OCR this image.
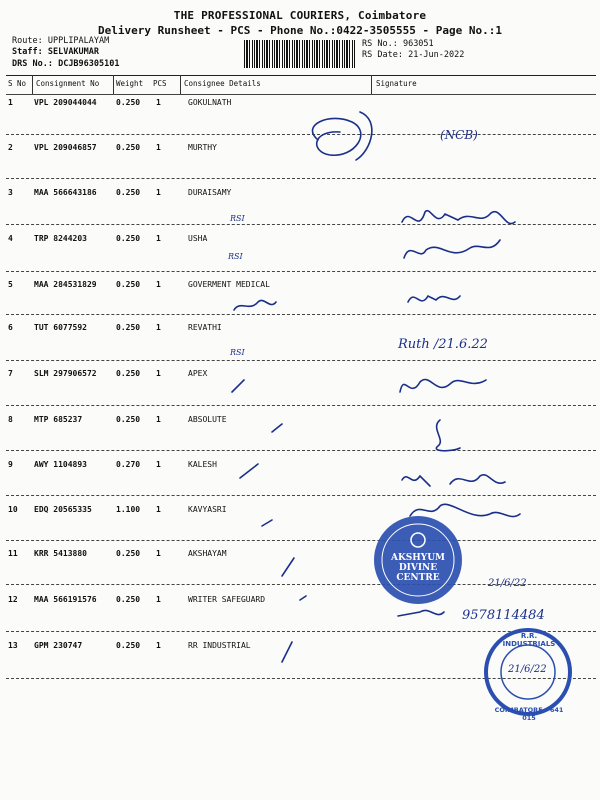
THE PROFESSIONAL COURIERS, Coimbatore
Delivery Runsheet - PCS - Phone No.:0422-3505555 - Page No.:1
Route: UPPLIPALAYAM
Staff: SELVAKUMAR
DRS No.: DCJB96305101
RS No.: 963051
RS Date: 21-Jun-2022
S No Consignment No Weight PCS Consignee Details	Signature
1	VPL 209044044 0.250 1	GOKULNATH
2	VPL 209046857 0.250 1	MURTHY
3	MAA 566643186 0.250 1	DURAISAMY
4	TRP 8244203	0.250 1	USHA
5	MAA 284531829 0.250 1	GOVERMENT MEDICAL
6	TUT 6077592	0.250 1	REVATHI
7	SLM 297906572 0.250 1	APEX
8	MTP 685237	0.250 1	ABSOLUTE
9	AWY 1104893	0.270 1	KALESH
10 EDQ 20565335	1.100 1	KAVYASRI
11 KRR 5413880	0.250 1	AKSHAYAM
12 MAA 566191576 0.250 1	WRITER SAFEGUARD
13 GPM 230747	0.250 1	RR INDUSTRIAL
AKSHYUM
DIVINE
CENTRE
R.R. INDUSTRIALS
COIMBATORE - 641 015
21/6/22
(NCB)
RSI
RSI
RSI
Ruth /21.6.22
9578114484
21/6/22
